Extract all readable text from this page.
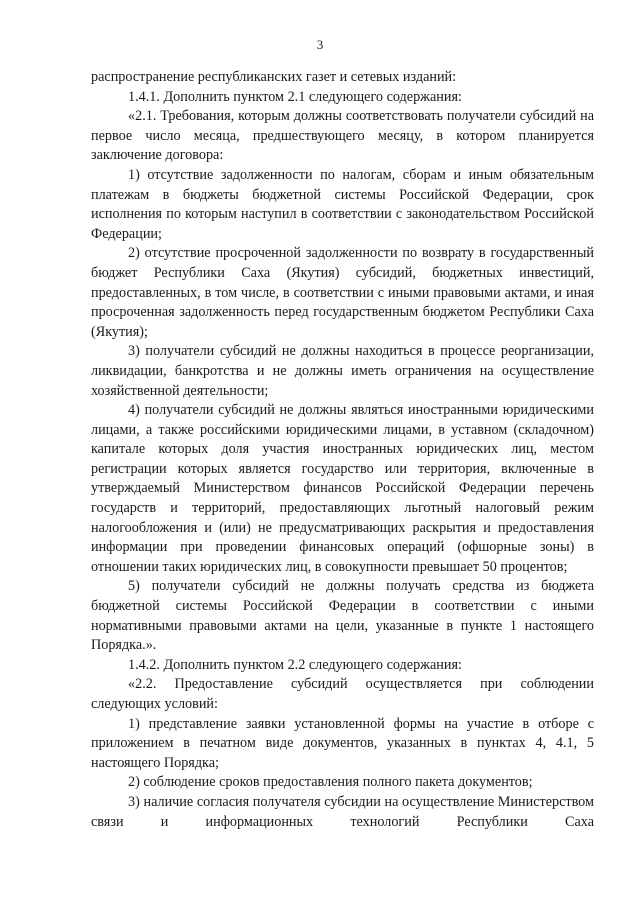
3

распространение республиканских газет и сетевых изданий:

1.4.1. Дополнить пунктом 2.1 следующего содержания:

«2.1. Требования, которым должны соответствовать получатели субсидий на первое число месяца, предшествующего месяцу, в котором планируется заключение договора:

1) отсутствие задолженности по налогам, сборам и иным обязательным платежам в бюджеты бюджетной системы Российской Федерации, срок исполнения по которым наступил в соответствии с законодательством Российской Федерации;

2) отсутствие просроченной задолженности по возврату в государственный бюджет Республики Саха (Якутия) субсидий, бюджетных инвестиций, предоставленных, в том числе, в соответствии с иными правовыми актами, и иная просроченная задолженность перед государственным бюджетом Республики Саха (Якутия);

3) получатели субсидий не должны находиться в процессе реорганизации, ликвидации, банкротства и не должны иметь ограничения на осуществление хозяйственной деятельности;

4) получатели субсидий не должны являться иностранными юридическими лицами, а также российскими юридическими лицами, в уставном (складочном) капитале которых доля участия иностранных юридических лиц, местом регистрации которых является государство или территория, включенные в утверждаемый Министерством финансов Российской Федерации перечень государств и территорий, предоставляющих льготный налоговый режим налогообложения и (или) не предусматривающих раскрытия и предоставления информации при проведении финансовых операций (офшорные зоны) в отношении таких юридических лиц, в совокупности превышает 50 процентов;

5) получатели субсидий не должны получать средства из бюджета бюджетной системы Российской Федерации в соответствии с иными нормативными правовыми актами на цели, указанные в пункте 1 настоящего Порядка.».

1.4.2. Дополнить пунктом 2.2 следующего содержания:

«2.2. Предоставление субсидий осуществляется при соблюдении следующих условий:

1) представление заявки установленной формы на участие в отборе с приложением в печатном виде документов, указанных в пунктах 4, 4.1, 5 настоящего Порядка;

2) соблюдение сроков предоставления полного пакета документов;

3) наличие согласия получателя субсидии на осуществление Министерством связи и информационных технологий Республики Саха
